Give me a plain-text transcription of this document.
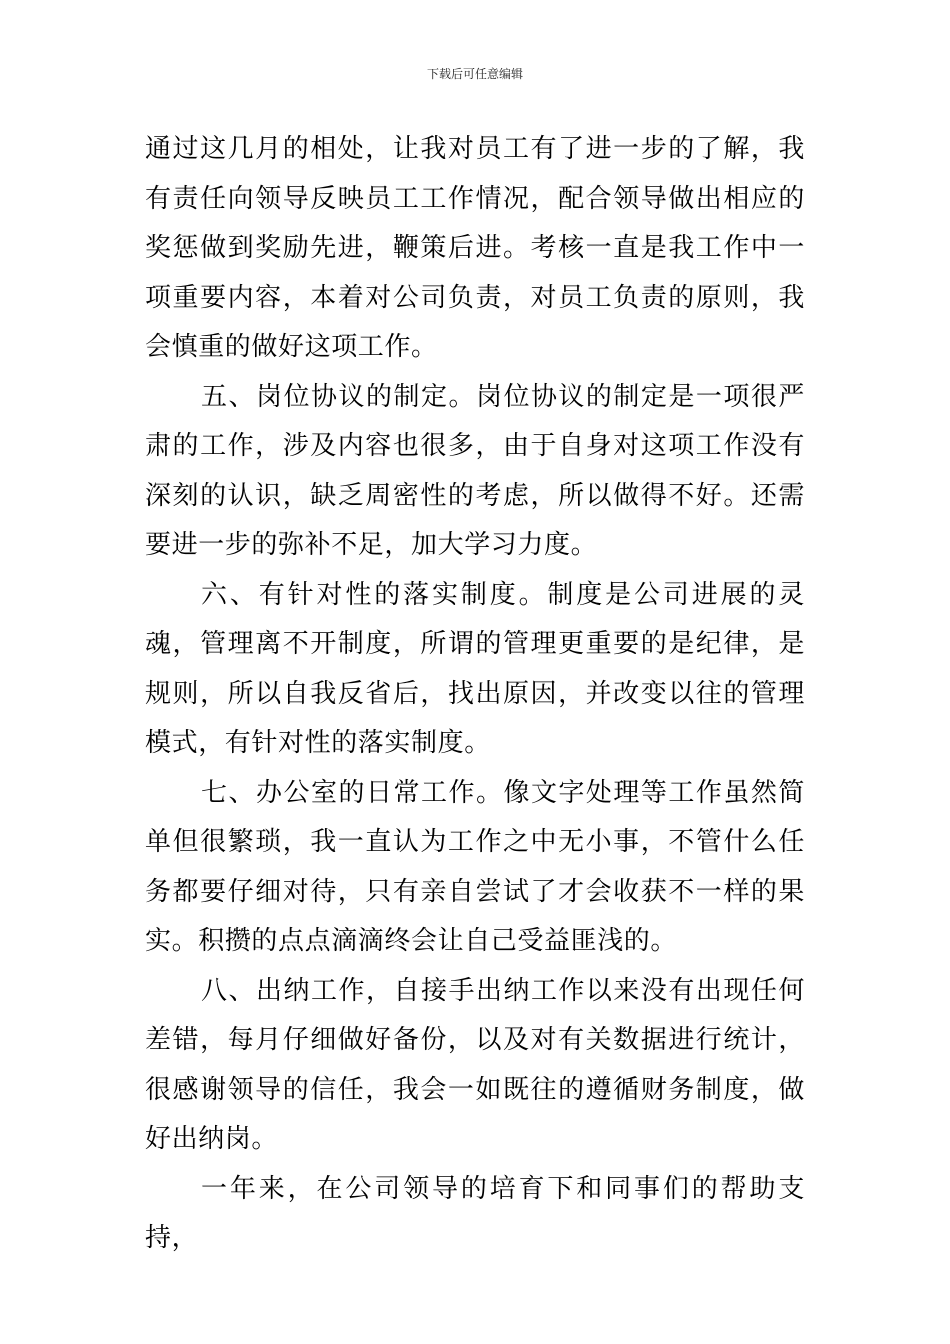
下载后可任意编辑

通过这几月的相处，让我对员工有了进一步的了解，我有责任向领导反映员工工作情况，配合领导做出相应的奖惩做到奖励先进，鞭策后进。考核一直是我工作中一项重要内容，本着对公司负责，对员工负责的原则，我会慎重的做好这项工作。

五、岗位协议的制定。岗位协议的制定是一项很严肃的工作，涉及内容也很多，由于自身对这项工作没有深刻的认识，缺乏周密性的考虑，所以做得不好。还需要进一步的弥补不足，加大学习力度。

六、有针对性的落实制度。制度是公司进展的灵魂，管理离不开制度，所谓的管理更重要的是纪律，是规则，所以自我反省后，找出原因，并改变以往的管理模式，有针对性的落实制度。

七、办公室的日常工作。像文字处理等工作虽然简单但很繁琐，我一直认为工作之中无小事，不管什么任务都要仔细对待，只有亲自尝试了才会收获不一样的果实。积攒的点点滴滴终会让自己受益匪浅的。

八、出纳工作，自接手出纳工作以来没有出现任何差错，每月仔细做好备份，以及对有关数据进行统计，很感谢领导的信任，我会一如既往的遵循财务制度，做好出纳岗。

一年来，在公司领导的培育下和同事们的帮助支持，
